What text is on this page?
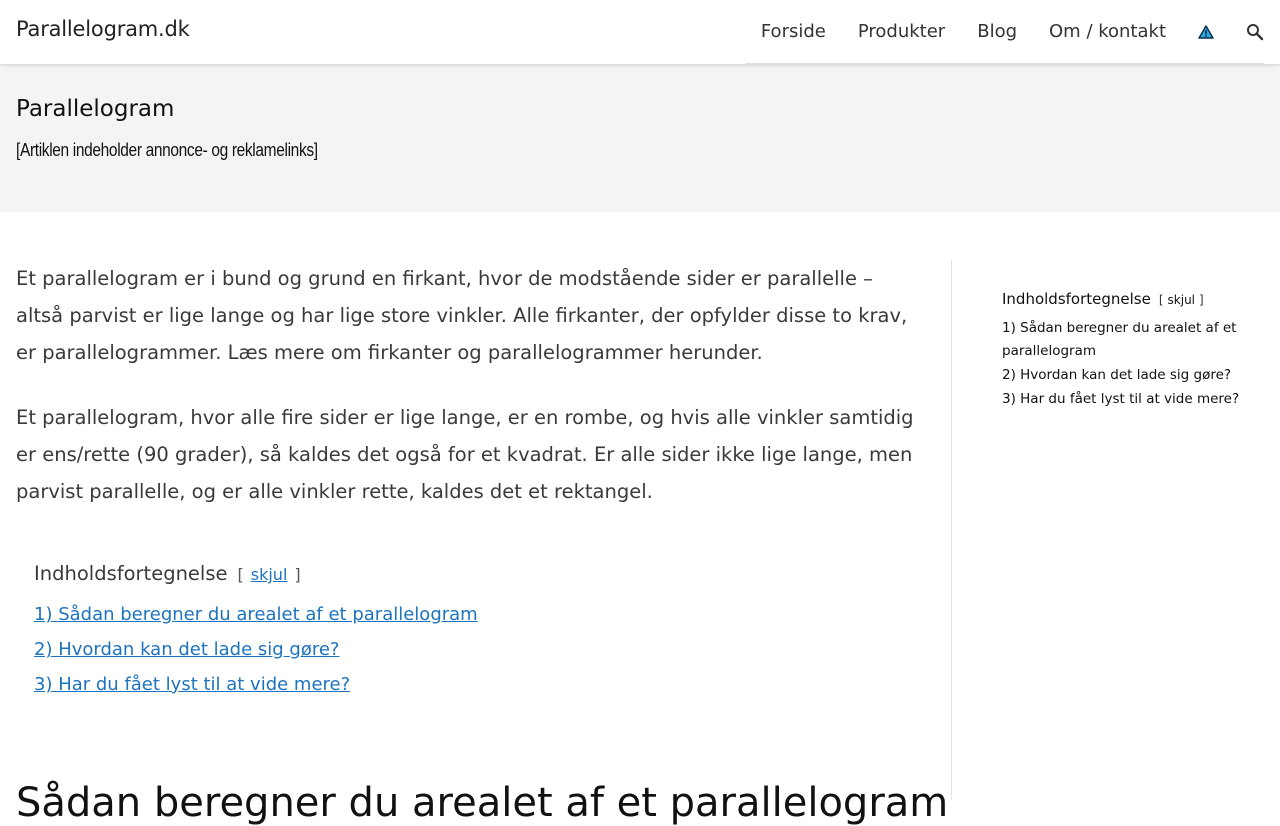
Parallelogram.dk	Forside Produkter Blog Om / kontakt
Parallelogram

[Artiklen indeholder annonce- og reklamelinks]

Et parallelogram er i bund og grund en firkant, hvor de modstående sider er parallelle – altså parvist er lige lange og har lige store vinkler. Alle firkanter, der opfylder disse to krav, er parallelogrammer. Læs mere om firkanter og parallelogrammer herunder.

Et parallelogram, hvor alle fire sider er lige lange, er en rombe, og hvis alle vinkler samtidig er ens/rette (90 grader), så kaldes det også for et kvadrat. Er alle sider ikke lige lange, men parvist parallelle, og er alle vinkler rette, kaldes det et rektangel.

Indholdsfortegnelse [ skjul ]
1) Sådan beregner du arealet af et parallelogram
2) Hvordan kan det lade sig gøre?
3) Har du fået lyst til at vide mere?
Sådan beregner du arealet af et parallelogram
Indholdsfortegnelse [ skjul ]
1) Sådan beregner du arealet af et parallelogram
2) Hvordan kan det lade sig gøre?
3) Har du fået lyst til at vide mere?
